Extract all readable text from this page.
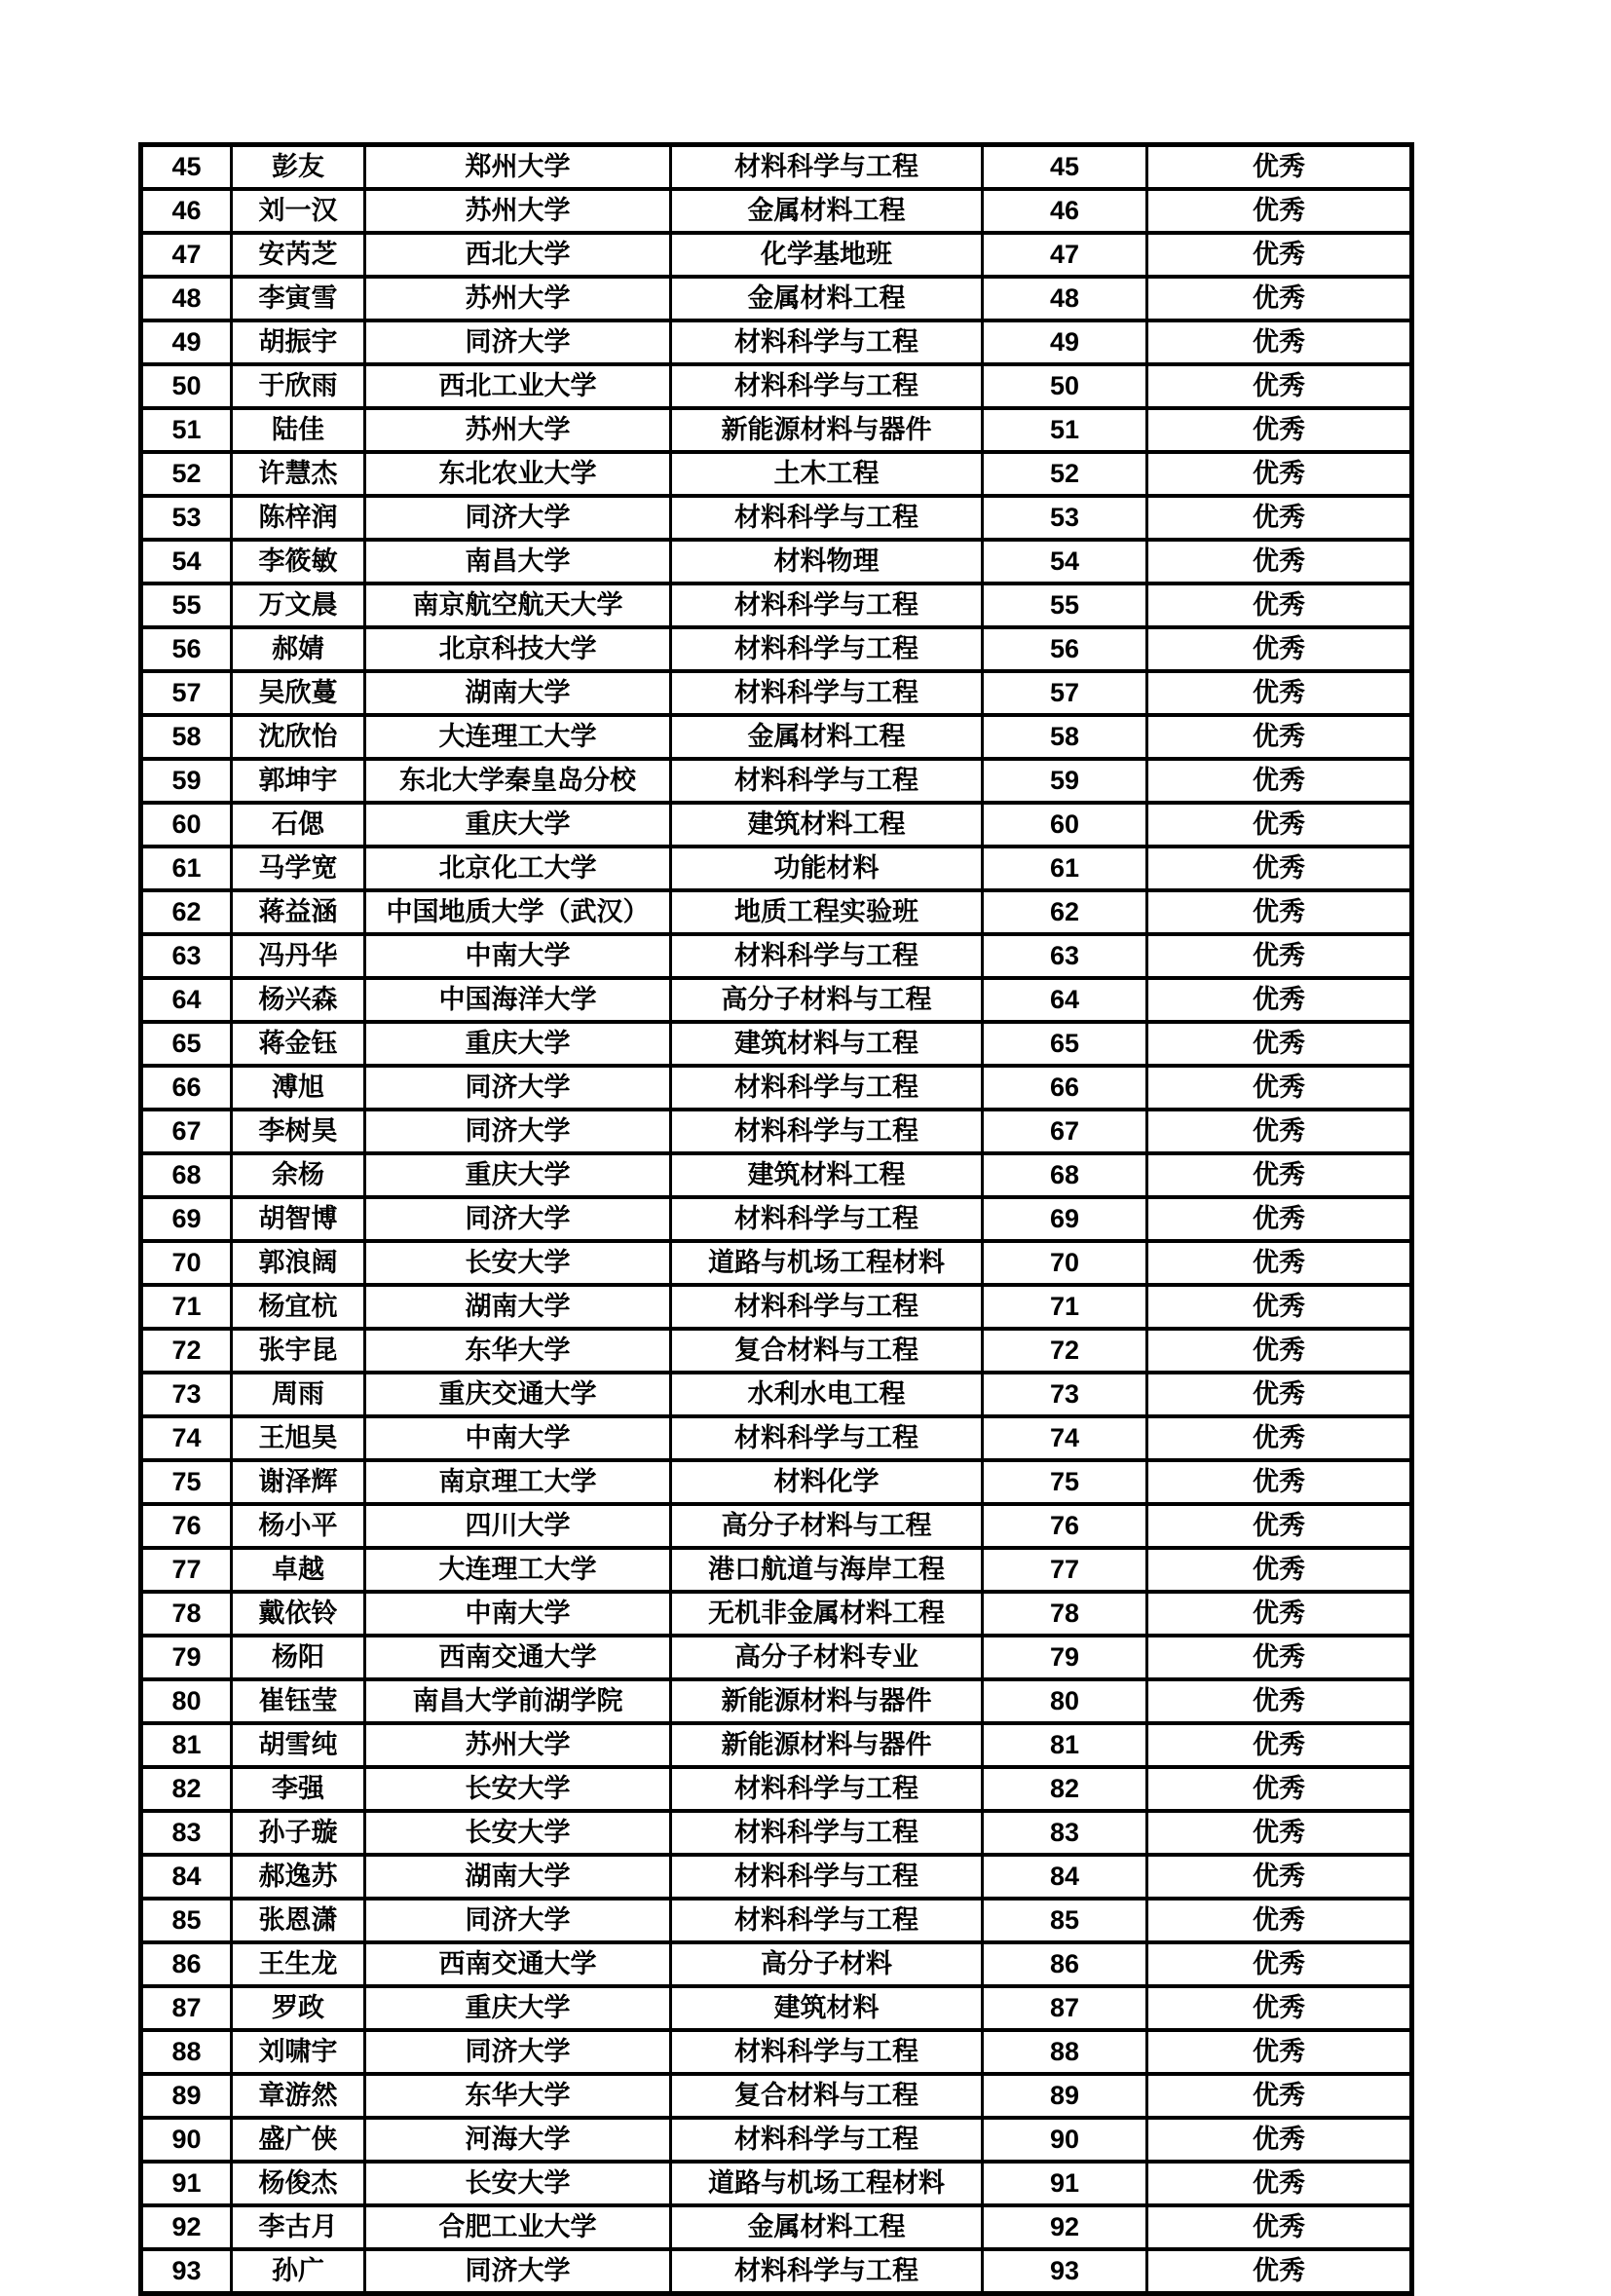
45	彭友	郑州大学	材料科学与工程	45	优秀
46	刘一汉	苏州大学	金属材料工程	46	优秀
47	安芮芝	西北大学	化学基地班	47	优秀
48	李寅雪	苏州大学	金属材料工程	48	优秀
49	胡振宇	同济大学	材料科学与工程	49	优秀
50	于欣雨	西北工业大学	材料科学与工程	50	优秀
51	陆佳	苏州大学	新能源材料与器件	51	优秀
52	许慧杰	东北农业大学	土木工程	52	优秀
53	陈梓润	同济大学	材料科学与工程	53	优秀
54	李筱敏	南昌大学	材料物理	54	优秀
55	万文晨	南京航空航天大学	材料科学与工程	55	优秀
56	郝婧	北京科技大学	材料科学与工程	56	优秀
57	吴欣蔓	湖南大学	材料科学与工程	57	优秀
58	沈欣怡	大连理工大学	金属材料工程	58	优秀
59	郭坤宇	东北大学秦皇岛分校	材料科学与工程	59	优秀
60	石偲	重庆大学	建筑材料工程	60	优秀
61	马学宽	北京化工大学	功能材料	61	优秀
62	蒋益涵	中国地质大学（武汉）	地质工程实验班	62	优秀
63	冯丹华	中南大学	材料科学与工程	63	优秀
64	杨兴森	中国海洋大学	高分子材料与工程	64	优秀
65	蒋金钰	重庆大学	建筑材料与工程	65	优秀
66	溥旭	同济大学	材料科学与工程	66	优秀
67	李树昊	同济大学	材料科学与工程	67	优秀
68	余杨	重庆大学	建筑材料工程	68	优秀
69	胡智博	同济大学	材料科学与工程	69	优秀
70	郭浪阔	长安大学	道路与机场工程材料	70	优秀
71	杨宜杭	湖南大学	材料科学与工程	71	优秀
72	张宇昆	东华大学	复合材料与工程	72	优秀
73	周雨	重庆交通大学	水利水电工程	73	优秀
74	王旭昊	中南大学	材料科学与工程	74	优秀
75	谢泽辉	南京理工大学	材料化学	75	优秀
76	杨小平	四川大学	高分子材料与工程	76	优秀
77	卓越	大连理工大学	港口航道与海岸工程	77	优秀
78	戴依铃	中南大学	无机非金属材料工程	78	优秀
79	杨阳	西南交通大学	高分子材料专业	79	优秀
80	崔钰莹	南昌大学前湖学院	新能源材料与器件	80	优秀
81	胡雪纯	苏州大学	新能源材料与器件	81	优秀
82	李强	长安大学	材料科学与工程	82	优秀
83	孙子璇	长安大学	材料科学与工程	83	优秀
84	郝逸苏	湖南大学	材料科学与工程	84	优秀
85	张恩潇	同济大学	材料科学与工程	85	优秀
86	王生龙	西南交通大学	高分子材料	86	优秀
87	罗政	重庆大学	建筑材料	87	优秀
88	刘啸宇	同济大学	材料科学与工程	88	优秀
89	章游然	东华大学	复合材料与工程	89	优秀
90	盛广侠	河海大学	材料科学与工程	90	优秀
91	杨俊杰	长安大学	道路与机场工程材料	91	优秀
92	李古月	合肥工业大学	金属材料工程	92	优秀
93	孙广	同济大学	材料科学与工程	93	优秀
